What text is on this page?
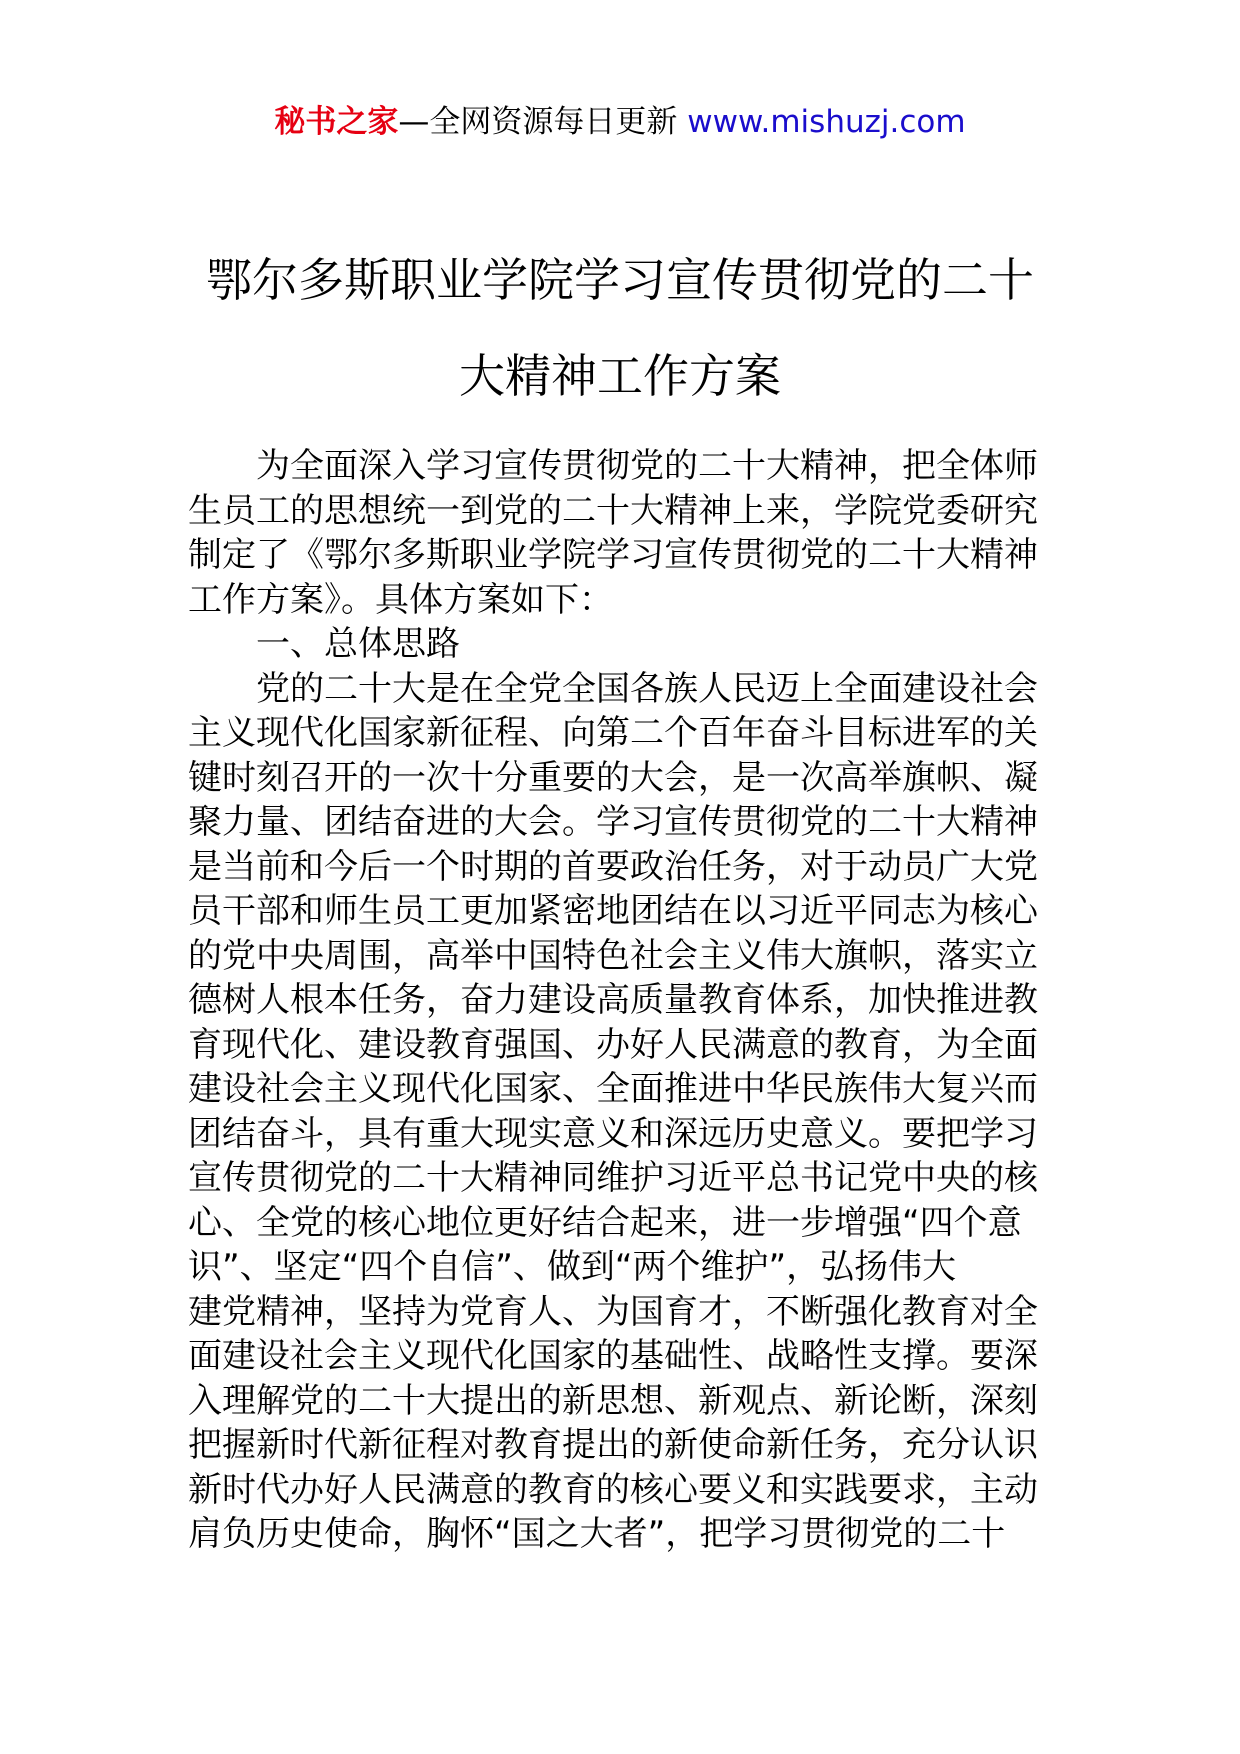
秘书之家—全网资源每日更新 www.mishuzj.com
鄂尔多斯职业学院学习宣传贯彻党的二十
大精神工作方案

为全面深入学习宣传贯彻党的二十大精神，把全体师
生员工的思想统一到党的二十大精神上来，学院党委研究
制定了《鄂尔多斯职业学院学习宣传贯彻党的二十大精神
工作方案》。具体方案如下：

一、总体思路

党的二十大是在全党全国各族人民迈上全面建设社会
主义现代化国家新征程、向第二个百年奋斗目标进军的关
键时刻召开的一次十分重要的大会，是一次高举旗帜、凝
聚力量、团结奋进的大会。学习宣传贯彻党的二十大精神
是当前和今后一个时期的首要政治任务，对于动员广大党
员干部和师生员工更加紧密地团结在以习近平同志为核心
的党中央周围，高举中国特色社会主义伟大旗帜，落实立
德树人根本任务，奋力建设高质量教育体系，加快推进教
育现代化、建设教育强国、办好人民满意的教育，为全面
建设社会主义现代化国家、全面推进中华民族伟大复兴而
团结奋斗，具有重大现实意义和深远历史意义。要把学习
宣传贯彻党的二十大精神同维护习近平总书记党中央的核
心、全党的核心地位更好结合起来，进一步增强“四个意
识”、坚定“四个自信”、做到“两个维护”，弘扬伟大
建党精神，坚持为党育人、为国育才，不断强化教育对全
面建设社会主义现代化国家的基础性、战略性支撑。要深
入理解党的二十大提出的新思想、新观点、新论断，深刻
把握新时代新征程对教育提出的新使命新任务，充分认识
新时代办好人民满意的教育的核心要义和实践要求，主动
肩负历史使命，胸怀“国之大者”，把学习贯彻党的二十
